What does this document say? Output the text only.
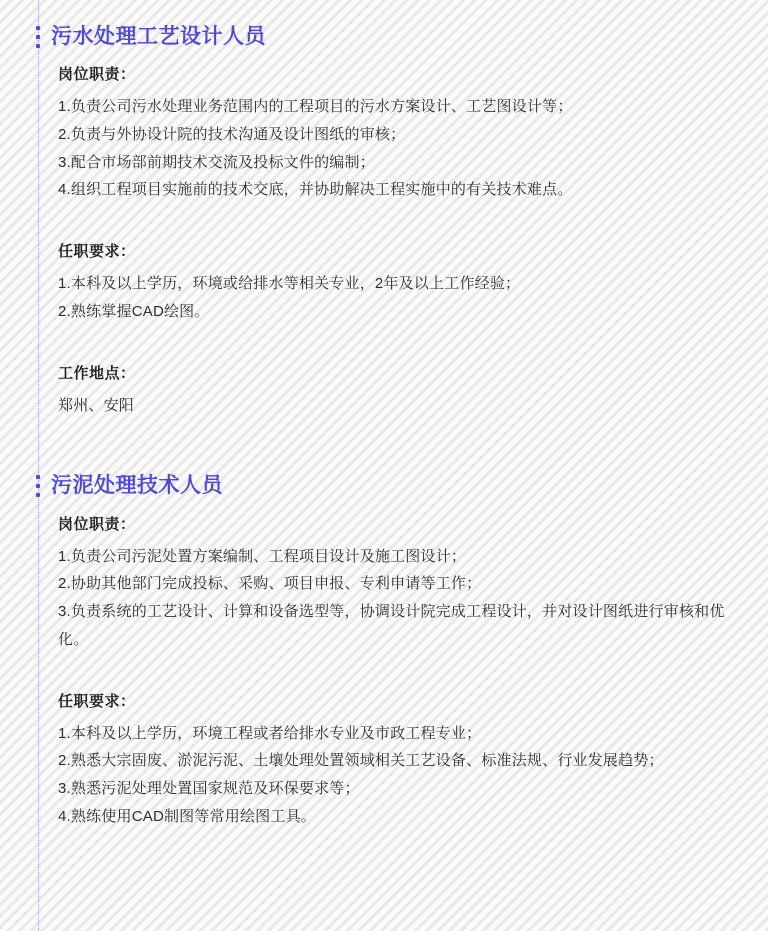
污水处理工艺设计人员
岗位职责：

1.负责公司污水处理业务范围内的工程项目的污水方案设计、工艺图设计等；

2.负责与外协设计院的技术沟通及设计图纸的审核；

3.配合市场部前期技术交流及投标文件的编制；

4.组织工程项目实施前的技术交底，并协助解决工程实施中的有关技术难点。

任职要求：

1.本科及以上学历，环境或给排水等相关专业，2年及以上工作经验；

2.熟练掌握CAD绘图。

工作地点：

郑州、安阳

污泥处理技术人员
岗位职责：

1.负责公司污泥处置方案编制、工程项目设计及施工图设计；

2.协助其他部门完成投标、采购、项目申报、专利申请等工作；

3.负责系统的工艺设计、计算和设备选型等，协调设计院完成工程设计，并对设计图纸进行审核和优化。

任职要求：

1.本科及以上学历，环境工程或者给排水专业及市政工程专业；

2.熟悉大宗固废、淤泥污泥、土壤处理处置领域相关工艺设备、标准法规、行业发展趋势；

3.熟悉污泥处理处置国家规范及环保要求等；

4.熟练使用CAD制图等常用绘图工具。
